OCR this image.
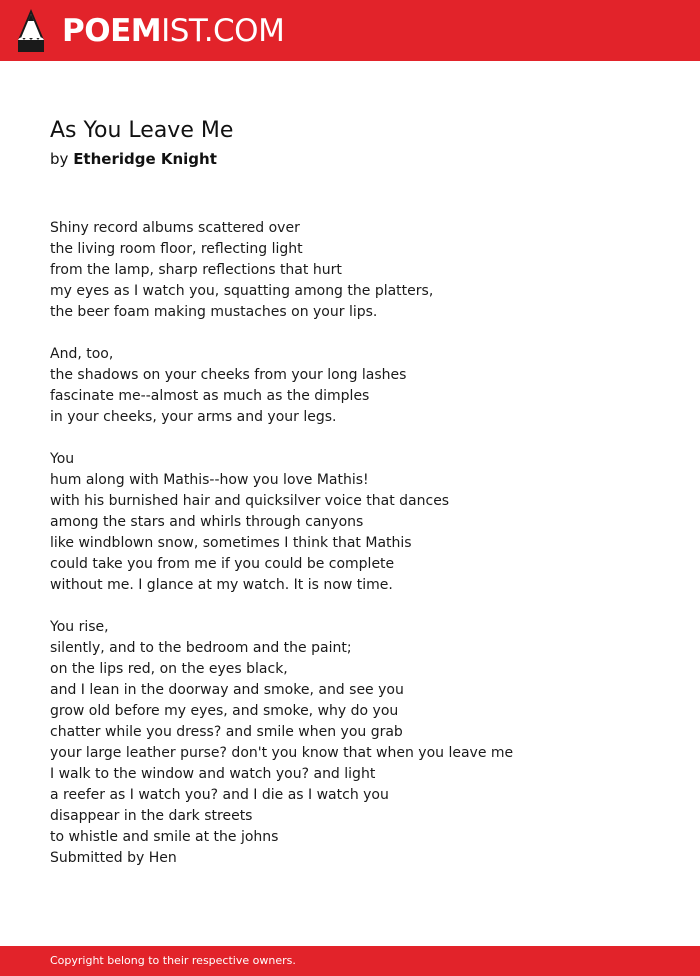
POEMIST.COM
As You Leave Me
by Etheridge Knight

Shiny record albums scattered over
the living room floor, reflecting light
from the lamp, sharp reflections that hurt
my eyes as I watch you, squatting among the platters,
the beer foam making mustaches on your lips.

And, too,
the shadows on your cheeks from your long lashes
fascinate me--almost as much as the dimples
in your cheeks, your arms and your legs.

You
hum along with Mathis--how you love Mathis!
with his burnished hair and quicksilver voice that dances
among the stars and whirls through canyons
like windblown snow, sometimes I think that Mathis
could take you from me if you could be complete
without me. I glance at my watch. It is now time.

You rise,
silently, and to the bedroom and the paint;
on the lips red, on the eyes black,
and I lean in the doorway and smoke, and see you
grow old before my eyes, and smoke, why do you
chatter while you dress? and smile when you grab
your large leather purse? don't you know that when you leave me
I walk to the window and watch you? and light
a reefer as I watch you? and I die as I watch you
disappear in the dark streets
to whistle and smile at the johns
Submitted by Hen

Copyright belong to their respective owners.
